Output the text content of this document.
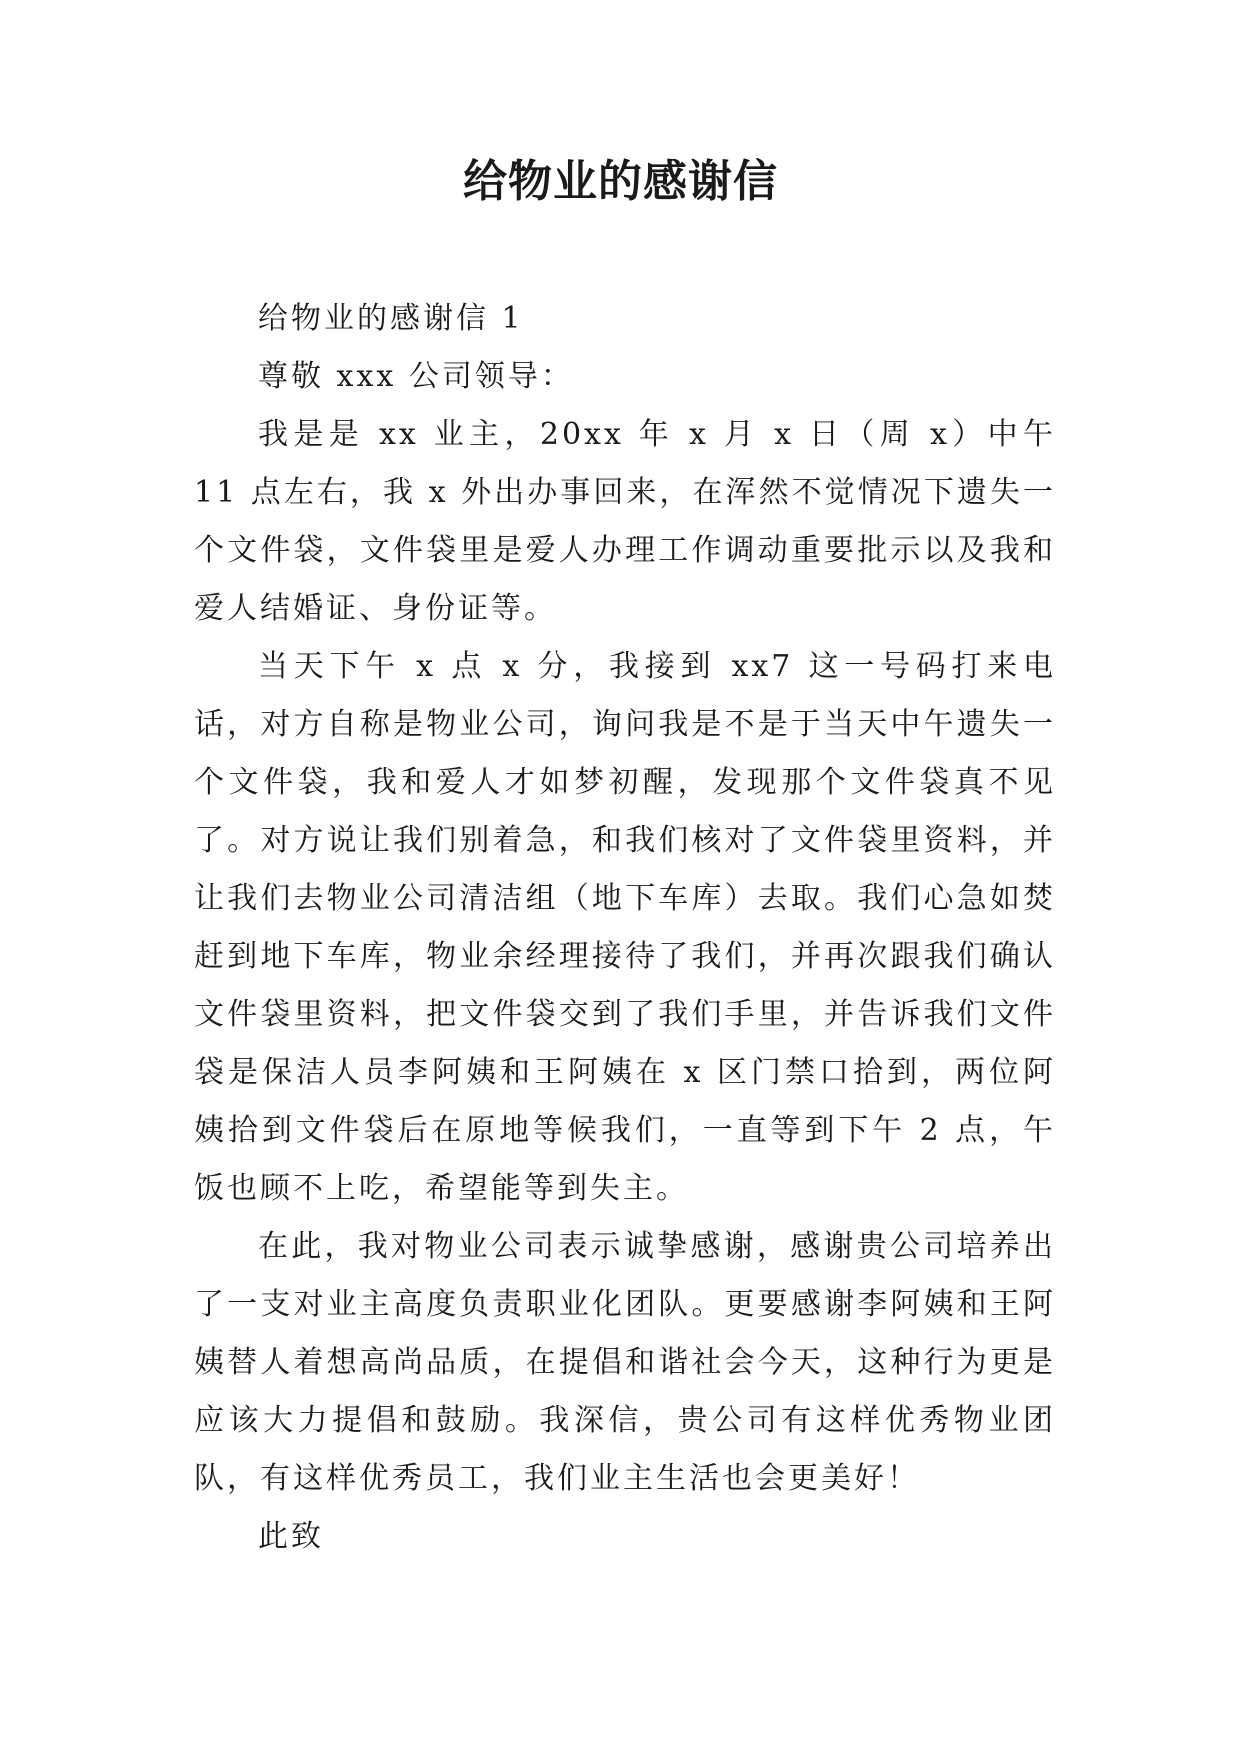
给物业的感谢信

给物业的感谢信 1

尊敬 xxx 公司领导：

我是是 xx 业主，20xx 年 x 月 x 日（周 x）中午 11 点左右，我 x 外出办事回来，在浑然不觉情况下遗失一个文件袋，文件袋里是爱人办理工作调动重要批示以及我和爱人结婚证、身份证等。

当天下午 x 点 x 分，我接到 xx7 这一号码打来电话，对方自称是物业公司，询问我是不是于当天中午遗失一个文件袋，我和爱人才如梦初醒，发现那个文件袋真不见了。对方说让我们别着急，和我们核对了文件袋里资料，并让我们去物业公司清洁组（地下车库）去取。我们心急如焚赶到地下车库，物业余经理接待了我们，并再次跟我们确认文件袋里资料，把文件袋交到了我们手里，并告诉我们文件袋是保洁人员李阿姨和王阿姨在 x 区门禁口拾到，两位阿姨拾到文件袋后在原地等候我们，一直等到下午 2 点，午饭也顾不上吃，希望能等到失主。

在此，我对物业公司表示诚挚感谢，感谢贵公司培养出了一支对业主高度负责职业化团队。更要感谢李阿姨和王阿姨替人着想高尚品质，在提倡和谐社会今天，这种行为更是应该大力提倡和鼓励。我深信，贵公司有这样优秀物业团队，有这样优秀员工，我们业主生活也会更美好！

此致
